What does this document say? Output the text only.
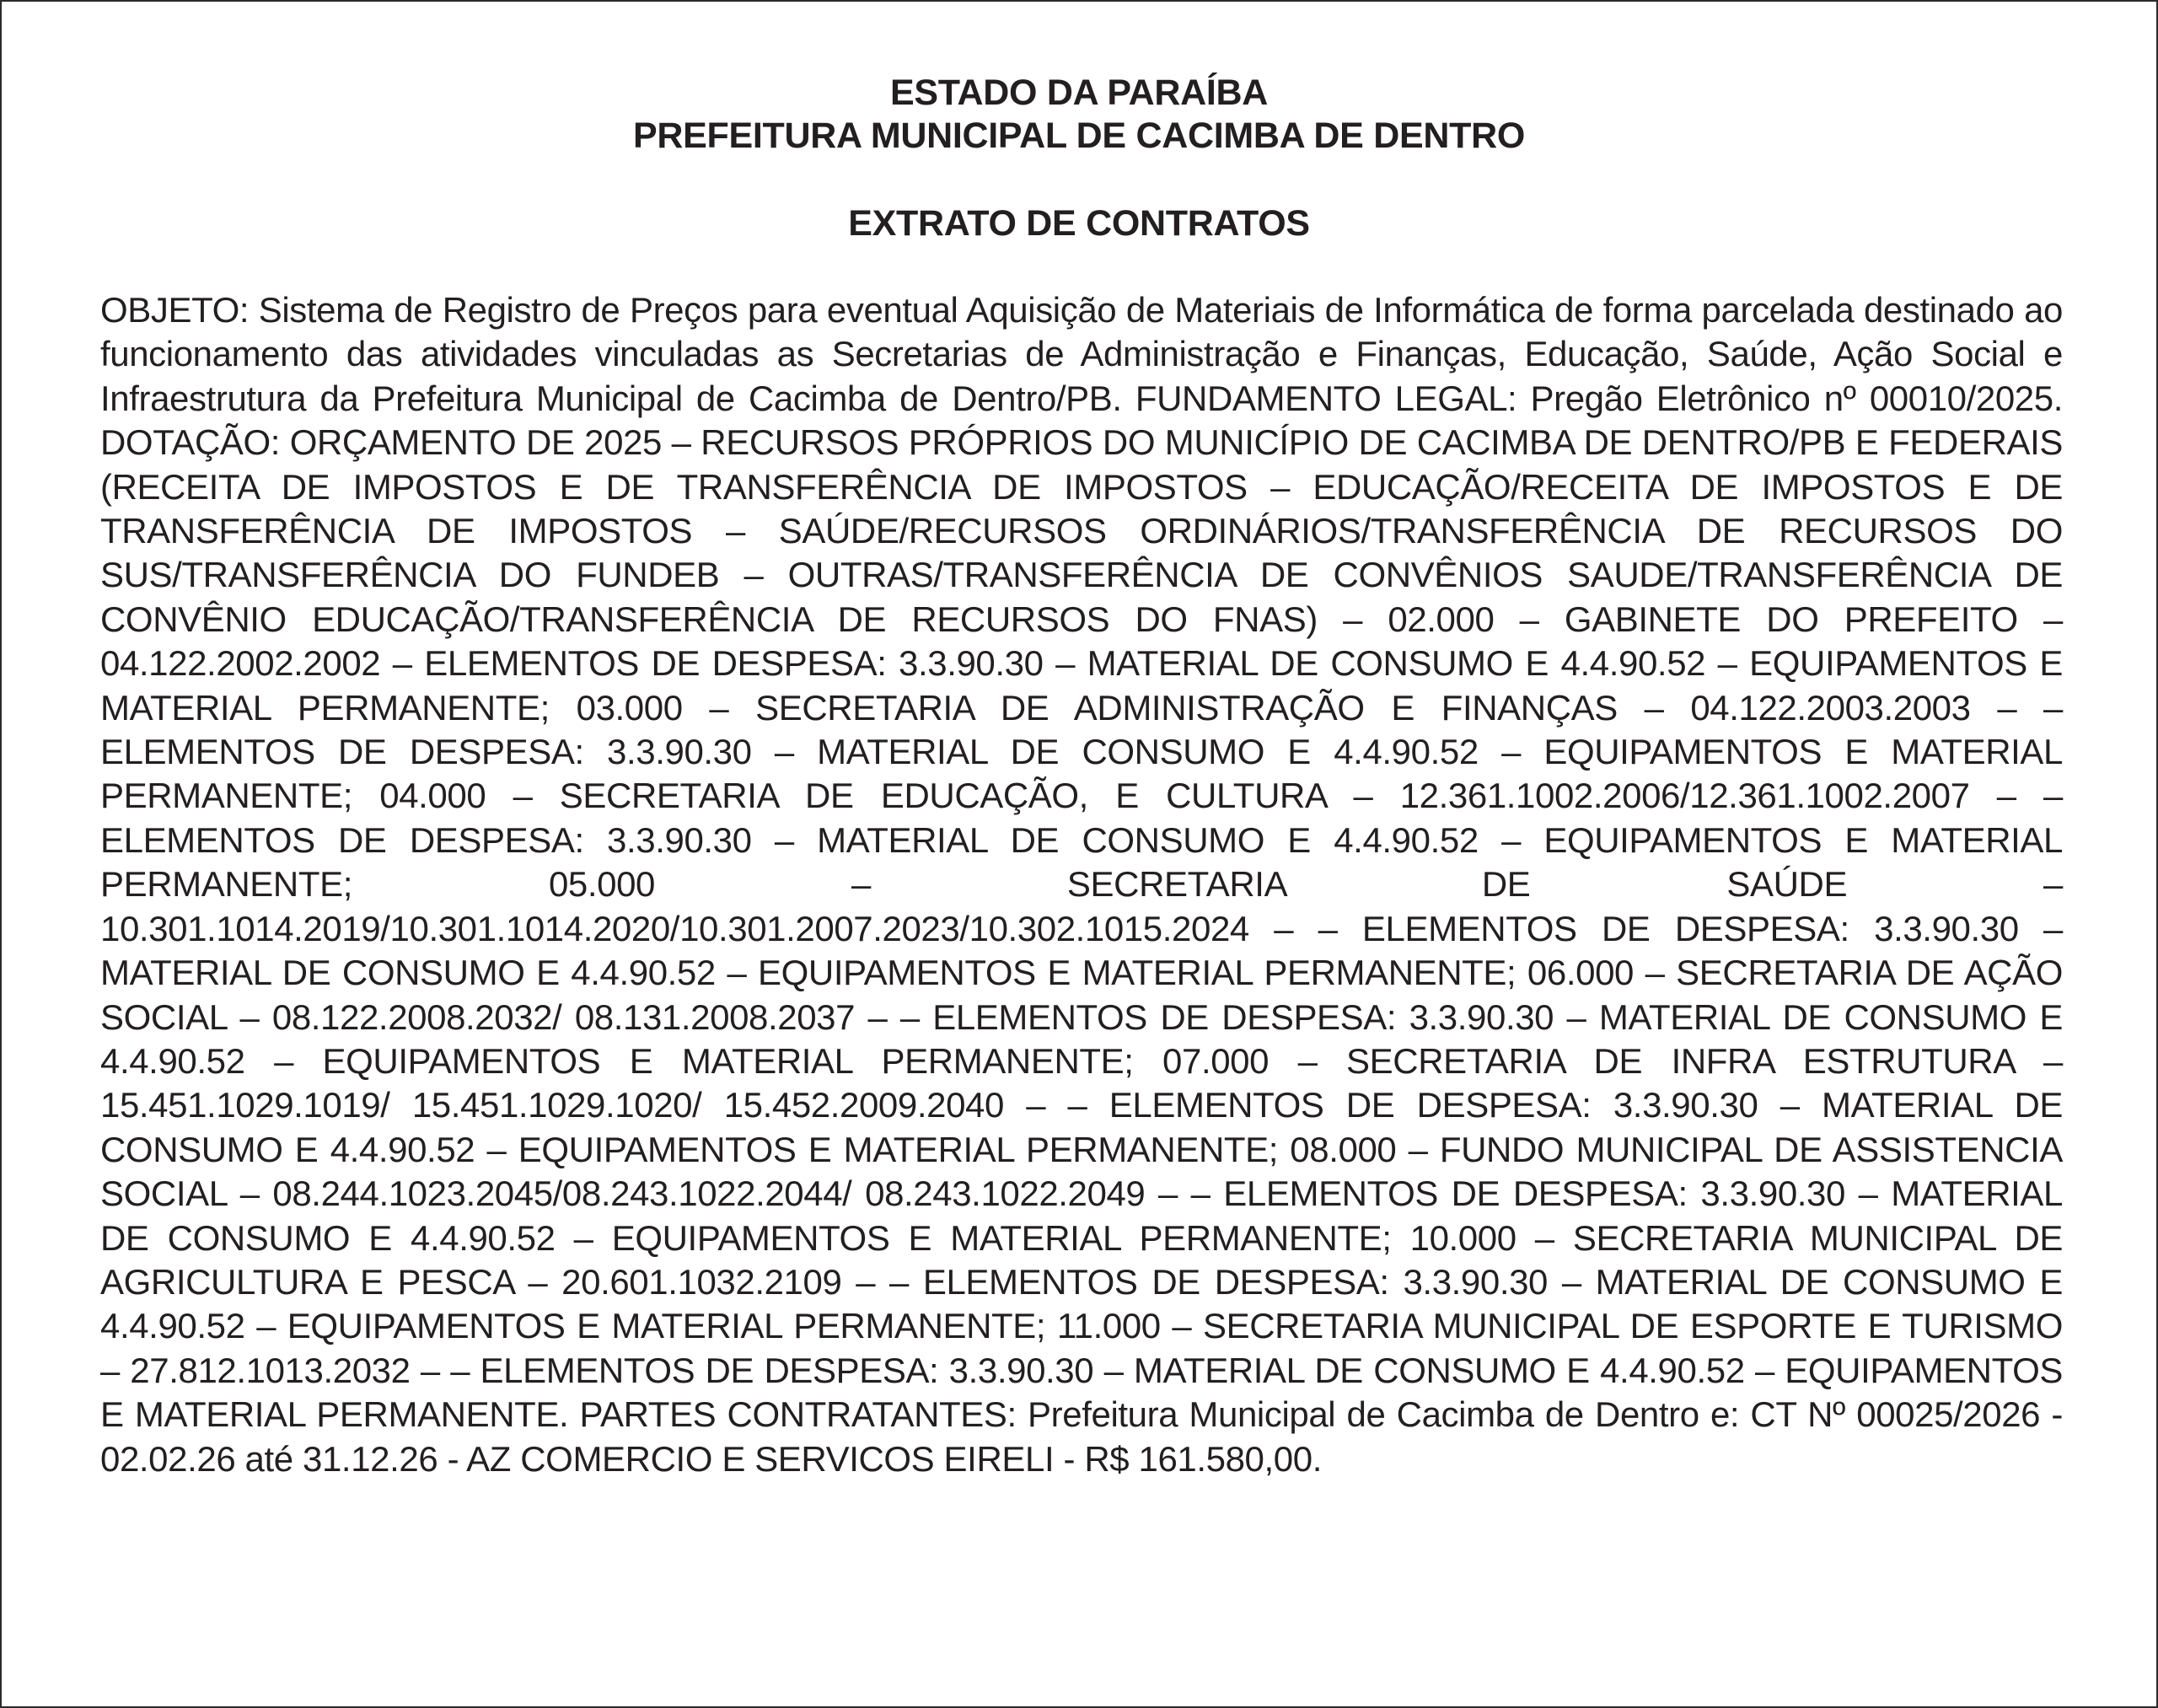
ESTADO DA PARAÍBA
PREFEITURA MUNICIPAL DE CACIMBA DE DENTRO
EXTRATO DE CONTRATOS
OBJETO: Sistema de Registro de Preços para eventual Aquisição de Materiais de Informática de forma parcelada destinado ao funcionamento das atividades vinculadas as Secretarias de Administração e Finanças, Educação, Saúde, Ação Social e Infraestrutura da Prefeitura Municipal de Cacimba de Dentro/PB. FUNDAMENTO LEGAL: Pregão Eletrônico nº 00010/2025. DOTAÇÃO: ORÇAMENTO DE 2025 – RECURSOS PRÓPRIOS DO MUNICÍPIO DE CACIMBA DE DENTRO/PB E FEDERAIS (RECEITA DE IMPOSTOS E DE TRANSFERÊNCIA DE IMPOSTOS – EDUCAÇÃO/RECEITA DE IMPOSTOS E DE TRANSFERÊNCIA DE IMPOSTOS – SAÚDE/RECURSOS ORDINÁRIOS/TRANSFERÊNCIA DE RECURSOS DO SUS/TRANSFERÊNCIA DO FUNDEB – OUTRAS/TRANSFERÊNCIA DE CONVÊNIOS SAUDE/TRANSFERÊNCIA DE CONVÊNIO EDUCAÇÃO/TRANSFERÊNCIA DE RECURSOS DO FNAS) – 02.000 – GABINETE DO PREFEITO – 04.122.2002.2002 – ELEMENTOS DE DESPESA: 3.3.90.30 – MATERIAL DE CONSUMO E 4.4.90.52 – EQUIPAMENTOS E MATERIAL PERMANENTE; 03.000 – SECRETARIA DE ADMINISTRAÇÃO E FINANÇAS – 04.122.2003.2003 – – ELEMENTOS DE DESPESA: 3.3.90.30 – MATERIAL DE CONSUMO E 4.4.90.52 – EQUIPAMENTOS E MATERIAL PERMANENTE; 04.000 – SECRETARIA DE EDUCAÇÃO, E CULTURA – 12.361.1002.2006/12.361.1002.2007 – – ELEMENTOS DE DESPESA: 3.3.90.30 – MATERIAL DE CONSUMO E 4.4.90.52 – EQUIPAMENTOS E MATERIAL PERMANENTE; 05.000 – SECRETARIA DE SAÚDE – 10.301.1014.2019/10.301.1014.2020/10.301.2007.2023/10.302.1015.2024 – – ELEMENTOS DE DESPESA: 3.3.90.30 – MATERIAL DE CONSUMO E 4.4.90.52 – EQUIPAMENTOS E MATERIAL PERMANENTE; 06.000 – SECRETARIA DE AÇÃO SOCIAL – 08.122.2008.2032/ 08.131.2008.2037 – – ELEMENTOS DE DESPESA: 3.3.90.30 – MATERIAL DE CONSUMO E 4.4.90.52 – EQUIPAMENTOS E MATERIAL PERMANENTE; 07.000 – SECRETARIA DE INFRA ESTRUTURA – 15.451.1029.1019/ 15.451.1029.1020/ 15.452.2009.2040 – – ELEMENTOS DE DESPESA: 3.3.90.30 – MATERIAL DE CONSUMO E 4.4.90.52 – EQUIPAMENTOS E MATERIAL PERMANENTE; 08.000 – FUNDO MUNICIPAL DE ASSISTENCIA SOCIAL – 08.244.1023.2045/08.243.1022.2044/ 08.243.1022.2049 – – ELEMENTOS DE DESPESA: 3.3.90.30 – MATERIAL DE CONSUMO E 4.4.90.52 – EQUIPAMENTOS E MATERIAL PERMANENTE; 10.000 – SECRETARIA MUNICIPAL DE AGRICULTURA E PESCA – 20.601.1032.2109 – – ELEMENTOS DE DESPESA: 3.3.90.30 – MATERIAL DE CONSUMO E 4.4.90.52 – EQUIPAMENTOS E MATERIAL PERMANENTE; 11.000 – SECRETARIA MUNICIPAL DE ESPORTE E TURISMO – 27.812.1013.2032 – – ELEMENTOS DE DESPESA: 3.3.90.30 – MATERIAL DE CONSUMO E 4.4.90.52 – EQUIPAMENTOS E MATERIAL PERMANENTE. PARTES CONTRATANTES: Prefeitura Municipal de Cacimba de Dentro e: CT Nº 00025/2026 - 02.02.26 até 31.12.26 - AZ COMERCIO E SERVICOS EIRELI - R$ 161.580,00.
